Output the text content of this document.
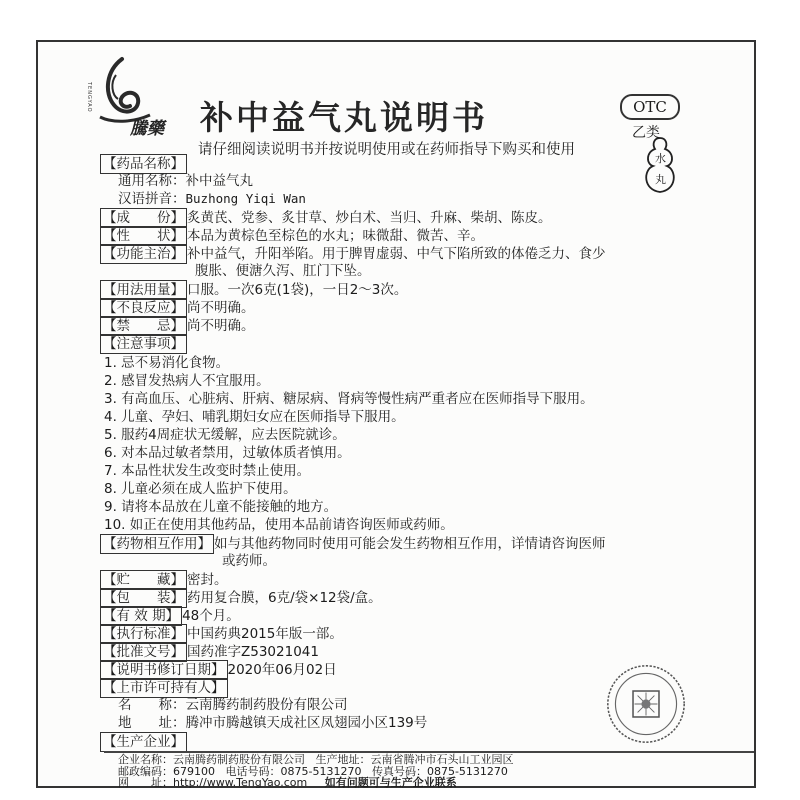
TENGYAO
騰藥 补中益气丸说明书
请仔细阅读说明书并按说明使用或在药师指导下购买和使用
OTC
乙类
水
丸
【药品名称】
通用名称：补中益气丸
汉语拼音：Buzhong Yiqi Wan
【成　　份】 炙黄芪、党参、炙甘草、炒白术、当归、升麻、柴胡、陈皮。
【性　　状】 本品为黄棕色至棕色的水丸；味微甜、微苦、辛。
【功能主治】 补中益气，升阳举陷。用于脾胃虚弱、中气下陷所致的体倦乏力、食少
腹胀、便溏久泻、肛门下坠。
【用法用量】 口服。一次6克(1袋)，一日2～3次。
【不良反应】 尚不明确。
【禁　　忌】 尚不明确。
【注意事项】
1. 忌不易消化食物。
2. 感冒发热病人不宜服用。
3. 有高血压、心脏病、肝病、糖尿病、肾病等慢性病严重者应在医师指导下服用。
4. 儿童、孕妇、哺乳期妇女应在医师指导下服用。
5. 服药4周症状无缓解，应去医院就诊。
6. 对本品过敏者禁用，过敏体质者慎用。
7. 本品性状发生改变时禁止使用。
8. 儿童必须在成人监护下使用。
9. 请将本品放在儿童不能接触的地方。
10. 如正在使用其他药品，使用本品前请咨询医师或药师。
【药物相互作用】 如与其他药物同时使用可能会发生药物相互作用，详情请咨询医师
或药师。
【贮　　藏】 密封。
【包　　装】 药用复合膜，6克/袋×12袋/盒。
【有 效 期】 48个月。
【执行标准】 中国药典2015年版一部。
【批准文号】 国药准字Z53021041
【说明书修订日期】 2020年06月02日
【上市许可持有人】
名　　称：云南腾药制药股份有限公司
地　　址：腾冲市腾越镇天成社区凤翅园小区139号
【生产企业】
企业名称：云南腾药制药股份有限公司 生产地址：云南省腾冲市石头山工业园区
邮政编码：679100 电话号码：0875-5131270 传真号码：0875-5131270
网　　址：http://www.TengYao.com 如有问题可与生产企业联系
